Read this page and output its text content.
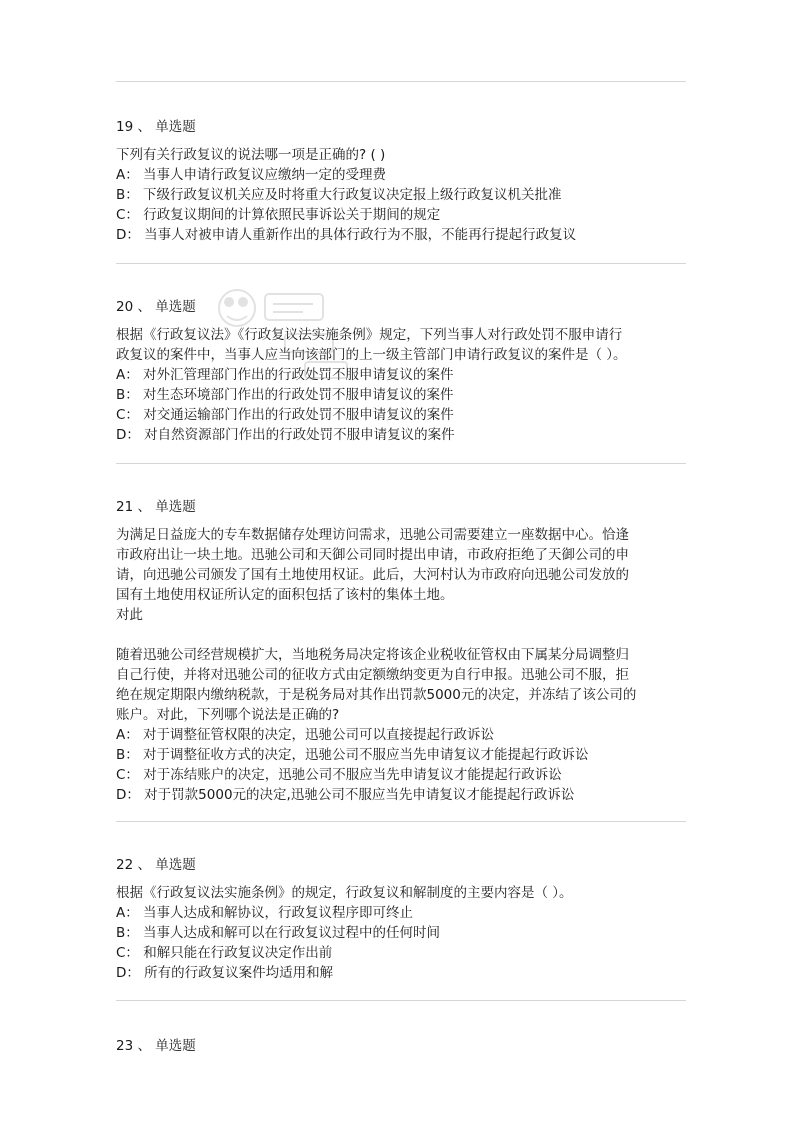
19 、 单选题
下列有关行政复议的说法哪一项是正确的? ( )
A： 当事人申请行政复议应缴纳一定的受理费
B： 下级行政复议机关应及时将重大行政复议决定报上级行政复议机关批准
C： 行政复议期间的计算依照民事诉讼关于期间的规定
D： 当事人对被申请人重新作出的具体行政行为不服，不能再行提起行政复议
20 、 单选题
根据《行政复议法》《行政复议法实施条例》规定，下列当事人对行政处罚不服申请行
政复议的案件中，当事人应当向该部门的上一级主管部门申请行政复议的案件是（ ）。
A： 对外汇管理部门作出的行政处罚不服申请复议的案件
B： 对生态环境部门作出的行政处罚不服申请复议的案件
C： 对交通运输部门作出的行政处罚不服申请复议的案件
D： 对自然资源部门作出的行政处罚不服申请复议的案件
21 、 单选题
为满足日益庞大的专车数据储存处理访问需求，迅驰公司需要建立一座数据中心。恰逢
市政府出让一块土地。迅驰公司和天御公司同时提出申请，市政府拒绝了天御公司的申
请，向迅驰公司颁发了国有土地使用权证。此后，大河村认为市政府向迅驰公司发放的
国有土地使用权证所认定的面积包括了该村的集体土地。
对此
随着迅驰公司经营规模扩大，当地税务局决定将该企业税收征管权由下属某分局调整归
自己行使，并将对迅驰公司的征收方式由定额缴纳变更为自行申报。迅驰公司不服，拒
绝在规定期限内缴纳税款，于是税务局对其作出罚款5000元的决定，并冻结了该公司的
账户。对此，下列哪个说法是正确的?
A： 对于调整征管权限的决定，迅驰公司可以直接提起行政诉讼
B： 对于调整征收方式的决定，迅驰公司不服应当先申请复议才能提起行政诉讼
C： 对于冻结账户的决定，迅驰公司不服应当先申请复议才能提起行政诉讼
D： 对于罚款5000元的决定,迅驰公司不服应当先申请复议才能提起行政诉讼
22 、 单选题
根据《行政复议法实施条例》的规定，行政复议和解制度的主要内容是（ ）。
A： 当事人达成和解协议，行政复议程序即可终止
B： 当事人达成和解可以在行政复议过程中的任何时间
C： 和解只能在行政复议决定作出前
D： 所有的行政复议案件均适用和解
23 、 单选题
